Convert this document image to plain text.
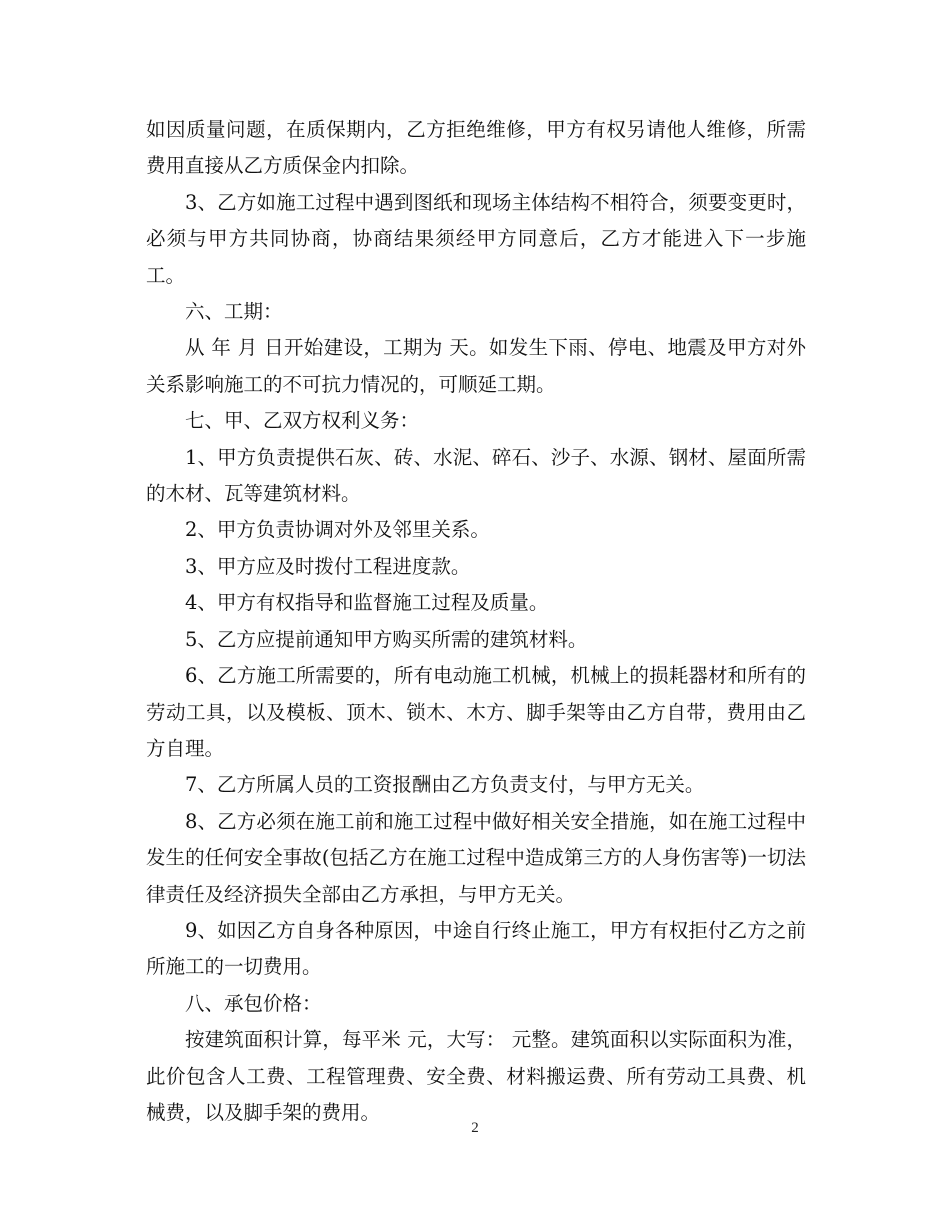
如因质量问题，在质保期内，乙方拒绝维修，甲方有权另请他人维修，所需费用直接从乙方质保金内扣除。

3、乙方如施工过程中遇到图纸和现场主体结构不相符合，须要变更时，必须与甲方共同协商，协商结果须经甲方同意后，乙方才能进入下一步施工。

六、工期：

从 年 月 日开始建设，工期为 天。如发生下雨、停电、地震及甲方对外关系影响施工的不可抗力情况的，可顺延工期。

七、甲、乙双方权利义务：

1、甲方负责提供石灰、砖、水泥、碎石、沙子、水源、钢材、屋面所需的木材、瓦等建筑材料。

2、甲方负责协调对外及邻里关系。

3、甲方应及时拨付工程进度款。

4、甲方有权指导和监督施工过程及质量。

5、乙方应提前通知甲方购买所需的建筑材料。

6、乙方施工所需要的，所有电动施工机械，机械上的损耗器材和所有的劳动工具，以及模板、顶木、锁木、木方、脚手架等由乙方自带，费用由乙方自理。

7、乙方所属人员的工资报酬由乙方负责支付，与甲方无关。

8、乙方必须在施工前和施工过程中做好相关安全措施，如在施工过程中发生的任何安全事故(包括乙方在施工过程中造成第三方的人身伤害等)一切法律责任及经济损失全部由乙方承担，与甲方无关。

9、如因乙方自身各种原因，中途自行终止施工，甲方有权拒付乙方之前所施工的一切费用。

八、承包价格：

按建筑面积计算，每平米 元，大写： 元整。建筑面积以实际面积为准，此价包含人工费、工程管理费、安全费、材料搬运费、所有劳动工具费、机械费，以及脚手架的费用。

2
